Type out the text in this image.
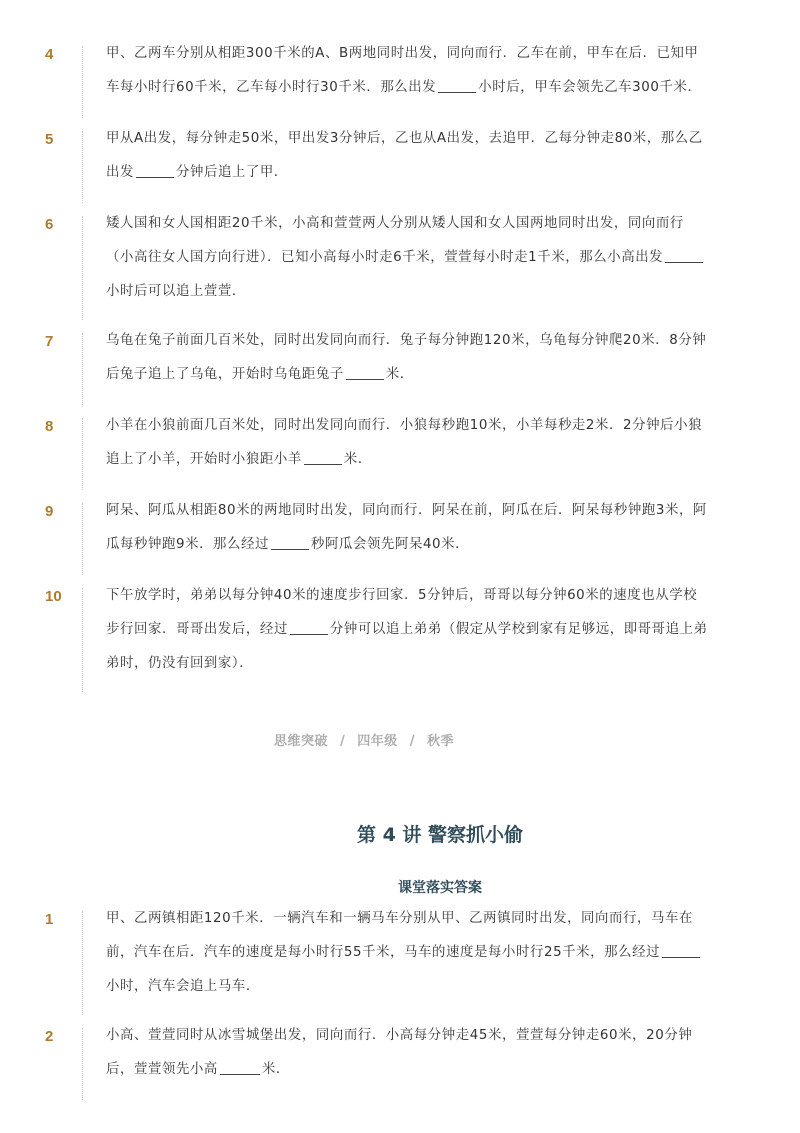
4	甲、乙两车分别从相距300千米的A、B两地同时出发，同向而行．乙车在前，甲车在后．已知甲
车每小时行60千米，乙车每小时行30千米．那么出发	小时后，甲车会领先乙车300千米．

5	甲从A出发，每分钟走50米，甲出发3分钟后，乙也从A出发，去追甲．乙每分钟走80米，那么乙
出发	分钟后追上了甲．

6	矮人国和女人国相距20千米，小高和萱萱两人分别从矮人国和女人国两地同时出发，同向而行
（小高往女人国方向行进）．已知小高每小时走6千米，萱萱每小时走1千米，那么小高出发
小时后可以追上萱萱．

7	乌龟在兔子前面几百米处，同时出发同向而行．兔子每分钟跑120米，乌龟每分钟爬20米．8分钟
后兔子追上了乌龟，开始时乌龟距兔子	米．

8	小羊在小狼前面几百米处，同时出发同向而行．小狼每秒跑10米，小羊每秒走2米．2分钟后小狼
追上了小羊，开始时小狼距小羊	米．

9	阿呆、阿瓜从相距80米的两地同时出发，同向而行．阿呆在前，阿瓜在后．阿呆每秒钟跑3米，阿
瓜每秒钟跑9米．那么经过	秒阿瓜会领先阿呆40米．

10	下午放学时，弟弟以每分钟40米的速度步行回家．5分钟后，哥哥以每分钟60米的速度也从学校
步行回家．哥哥出发后，经过	分钟可以追上弟弟（假定从学校到家有足够远，即哥哥追上弟
弟时，仍没有回到家）．

思维突破 / 四年级 / 秋季
第 4 讲 警察抓小偷
课堂落实答案
1	甲、乙两镇相距120千米．一辆汽车和一辆马车分别从甲、乙两镇同时出发，同向而行，马车在
前，汽车在后．汽车的速度是每小时行55千米，马车的速度是每小时行25千米，那么经过
小时，汽车会追上马车．

2	小高、萱萱同时从冰雪城堡出发，同向而行．小高每分钟走45米，萱萱每分钟走60米，20分钟
后，萱萱领先小高	米．
